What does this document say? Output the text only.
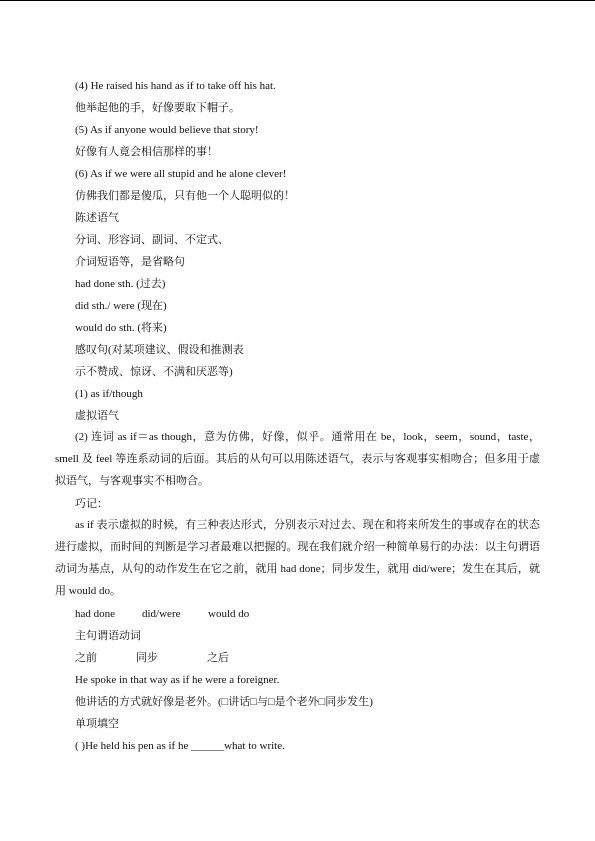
(4) He raised his hand as if to take off his hat.
他举起他的手，好像要取下帽子。
(5) As if anyone would believe that story!
好像有人竟会相信那样的事！
(6) As if we were all stupid and he alone clever!
仿佛我们都是傻瓜，只有他一个人聪明似的！
陈述语气
分词、形容词、副词、不定式、
介词短语等，是省略句
had done sth. (过去)
did sth./ were (现在)
would do sth. (将来)
感叹句(对某项建议、假设和推测表
示不赞成、惊讶、不满和厌恶等)
(1) as if/though
虚拟语气

(2) 连词 as if＝as though，意为仿佛，好像，似乎。通常用在 be，look，seem，sound，taste，smell 及 feel 等连系动词的后面。其后的从句可以用陈述语气，表示与客观事实相吻合；但多用于虚拟语气，与客观事实不相吻合。

巧记：

as if 表示虚拟的时候，有三种表达形式，分别表示对过去、现在和将来所发生的事或存在的状态进行虚拟，而时间的判断是学习者最难以把握的。现在我们就介绍一种简单易行的办法：以主句谓语动词为基点，从句的动作发生在它之前，就用 had done；同步发生，就用 did/were；发生在其后，就用 would do。

had done did/were	would do
主句谓语动词
之前	同步	之后
He spoke in that way as if he were a foreigner.
他讲话的方式就好像是老外。(□讲话□与□是个老外□同步发生)
单项填空
( )He held his pen as if he ______what to write.
